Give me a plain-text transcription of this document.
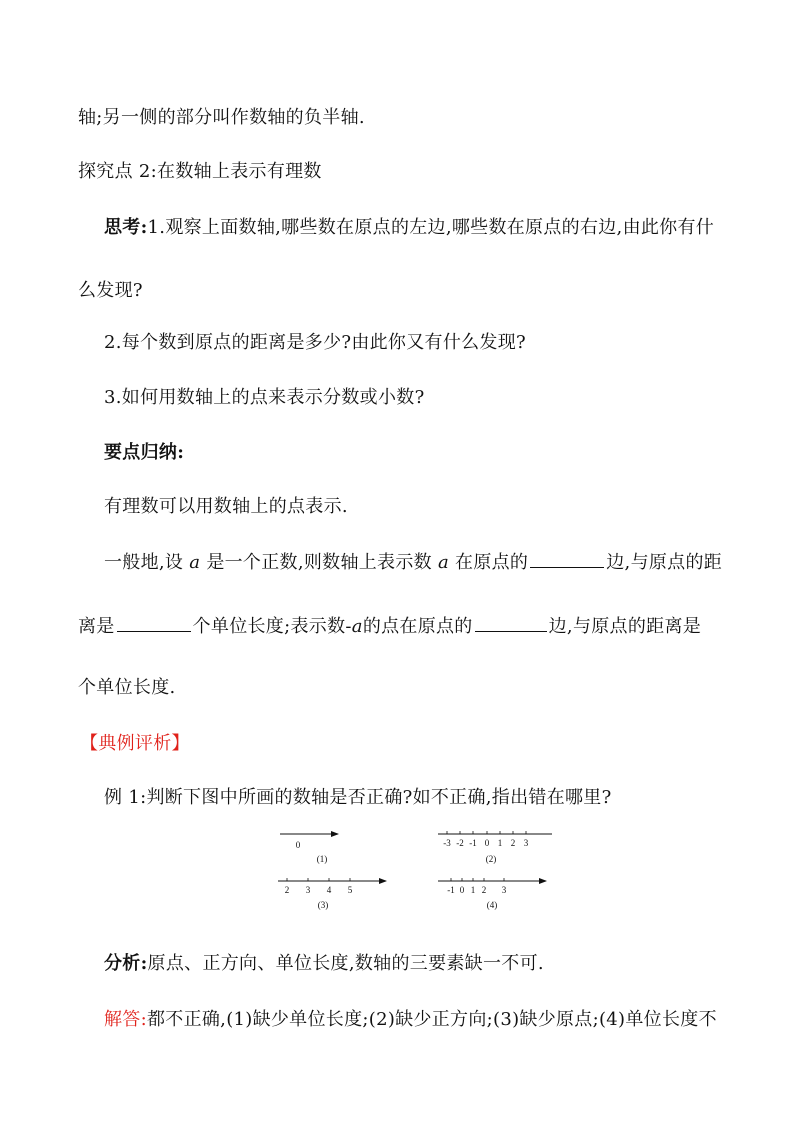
轴;另一侧的部分叫作数轴的负半轴.
探究点 2:在数轴上表示有理数
思考:1.观察上面数轴,哪些数在原点的左边,哪些数在原点的右边,由此你有什
么发现?
2.每个数到原点的距离是多少?由此你又有什么发现?
3.如何用数轴上的点来表示分数或小数?
要点归纳:
有理数可以用数轴上的点表示.
一般地,设 a 是一个正数,则数轴上表示数 a 在原点的	边,与原点的距
离是	个单位长度;表示数-a的点在原点的	边,与原点的距离是
个单位长度.
【典例评析】
例 1:判断下图中所画的数轴是否正确?如不正确,指出错在哪里?
0
(1)
-3 -2 -1 0 1 2 3
(2)
2 3 4 5
(3)
-1 0 1 2 3
(4)
分析:原点、正方向、单位长度,数轴的三要素缺一不可.
解答:都不正确,(1)缺少单位长度;(2)缺少正方向;(3)缺少原点;(4)单位长度不
